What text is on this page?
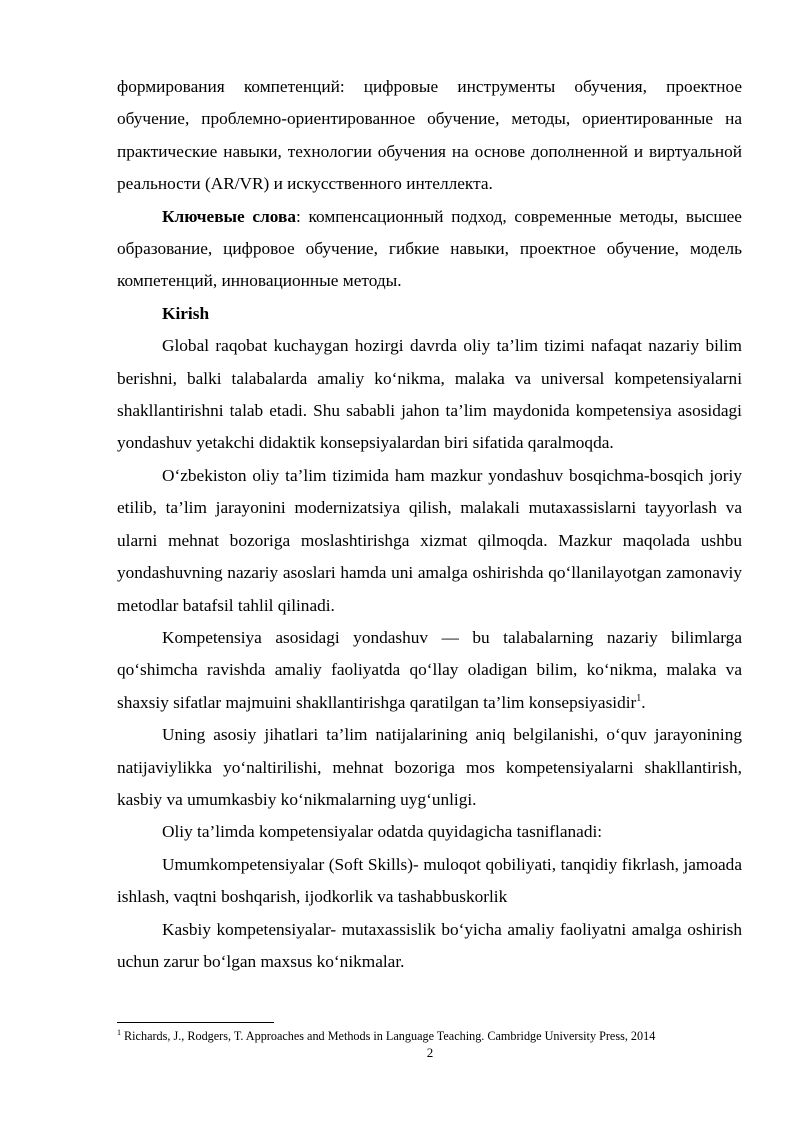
формирования компетенций: цифровые инструменты обучения, проектное обучение, проблемно-ориентированное обучение, методы, ориентированные на практические навыки, технологии обучения на основе дополненной и виртуальной реальности (AR/VR) и искусственного интеллекта.

Ключевые слова: компенсационный подход, современные методы, высшее образование, цифровое обучение, гибкие навыки, проектное обучение, модель компетенций, инновационные методы.

Kirish

Global raqobat kuchaygan hozirgi davrda oliy ta’lim tizimi nafaqat nazariy bilim berishni, balki talabalarda amaliy ko‘nikma, malaka va universal kompetensiyalarni shakllantirishni talab etadi. Shu sababli jahon ta’lim maydonida kompetensiya asosidagi yondashuv yetakchi didaktik konsepsiyalardan biri sifatida qaralmoqda.

O‘zbekiston oliy ta’lim tizimida ham mazkur yondashuv bosqichma-bosqich joriy etilib, ta’lim jarayonini modernizatsiya qilish, malakali mutaxassislarni tayyorlash va ularni mehnat bozoriga moslashtirishga xizmat qilmoqda. Mazkur maqolada ushbu yondashuvning nazariy asoslari hamda uni amalga oshirishda qo‘llanilayotgan zamonaviy metodlar batafsil tahlil qilinadi.

Kompetensiya asosidagi yondashuv — bu talabalarning nazariy bilimlarga qo‘shimcha ravishda amaliy faoliyatda qo‘llay oladigan bilim, ko‘nikma, malaka va shaxsiy sifatlar majmuini shakllantirishga qaratilgan ta’lim konsepsiyasidir$^1$.

Uning asosiy jihatlari ta’lim natijalarining aniq belgilanishi, o‘quv jarayonining natijaviylikka yo‘naltirilishi, mehnat bozoriga mos kompetensiyalarni shakllantirish, kasbiy va umumkasbiy ko‘nikmalarning uyg‘unligi.

Oliy ta’limda kompetensiyalar odatda quyidagicha tasniflanadi:

Umumkompetensiyalar (Soft Skills)- muloqot qobiliyati, tanqidiy fikrlash, jamoada ishlash, vaqtni boshqarish, ijodkorlik va tashabbuskorlik

Kasbiy kompetensiyalar- mutaxassislik bo‘yicha amaliy faoliyatni amalga oshirish uchun zarur bo‘lgan maxsus ko‘nikmalar.

$^1$ Richards, J., Rodgers, T. Approaches and Methods in Language Teaching. Cambridge University Press, 2014
2
